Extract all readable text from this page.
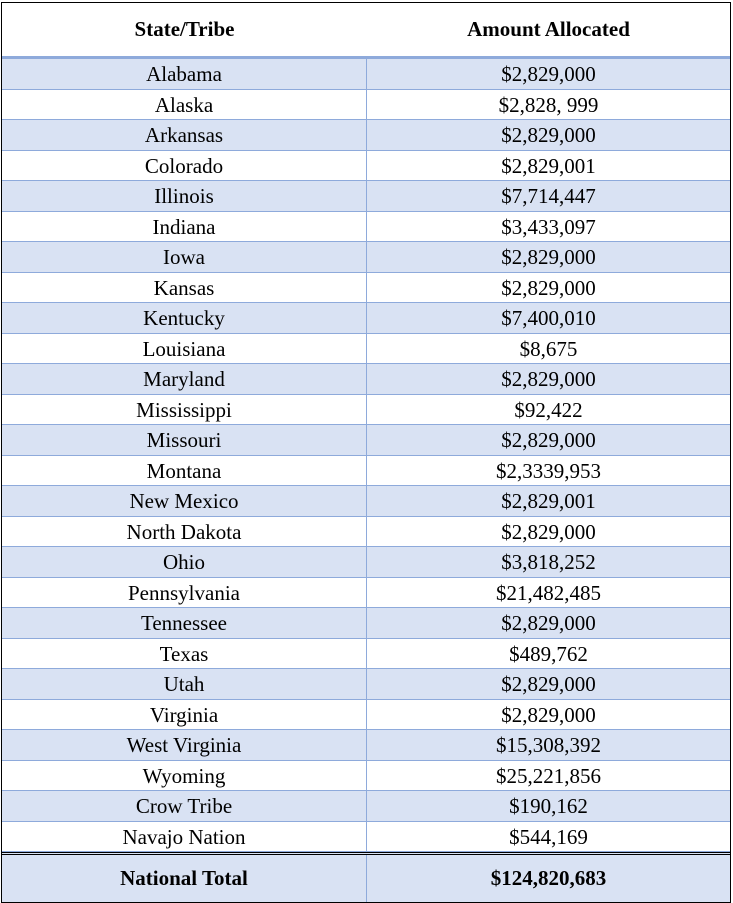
State/Tribe	Amount Allocated
Alabama	$2,829,000
Alaska	$2,828, 999
Arkansas	$2,829,000
Colorado	$2,829,001
Illinois	$7,714,447
Indiana	$3,433,097
Iowa	$2,829,000
Kansas	$2,829,000
Kentucky	$7,400,010
Louisiana	$8,675
Maryland	$2,829,000
Mississippi	$92,422
Missouri	$2,829,000
Montana	$2,3339,953
New Mexico	$2,829,001
North Dakota	$2,829,000
Ohio	$3,818,252
Pennsylvania	$21,482,485
Tennessee	$2,829,000
Texas	$489,762
Utah	$2,829,000
Virginia	$2,829,000
West Virginia	$15,308,392
Wyoming	$25,221,856
Crow Tribe	$190,162
Navajo Nation	$544,169
National Total	$124,820,683
